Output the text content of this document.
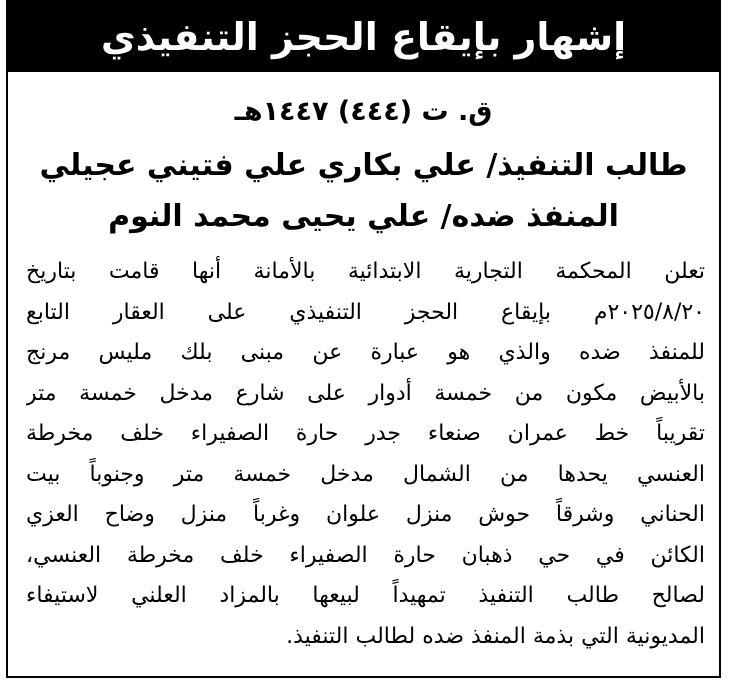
إشهار بإيقاع الحجز التنفيذي
ق. ت (٤٤٤) ١٤٤٧هـ
طالب التنفيذ/ علي بكاري علي فتيني عجيلي
المنفذ ضده/ علي يحيى محمد النوم
تعلن المحكمة التجارية الابتدائية بالأمانة أنها قامت بتاريخ
٢٠٢٥/٨/٢٠م بإيقاع الحجز التنفيذي على العقار التابع
للمنفذ ضده والذي هو عبارة عن مبنى بلك مليس مرنج
بالأبيض مكون من خمسة أدوار على شارع مدخل خمسة متر
تقريباً خط عمران صنعاء جدر حارة الصفيراء خلف مخرطة
العنسي يحدها من الشمال مدخل خمسة متر وجنوباً بيت
الحناني وشرقاً حوش منزل علوان وغرباً منزل وضاح العزي
الكائن في حي ذهبان حارة الصفيراء خلف مخرطة العنسي،
لصالح طالب التنفيذ تمهيداً لبيعها بالمزاد العلني لاستيفاء
المديونية التي بذمة المنفذ ضده لطالب التنفيذ.
